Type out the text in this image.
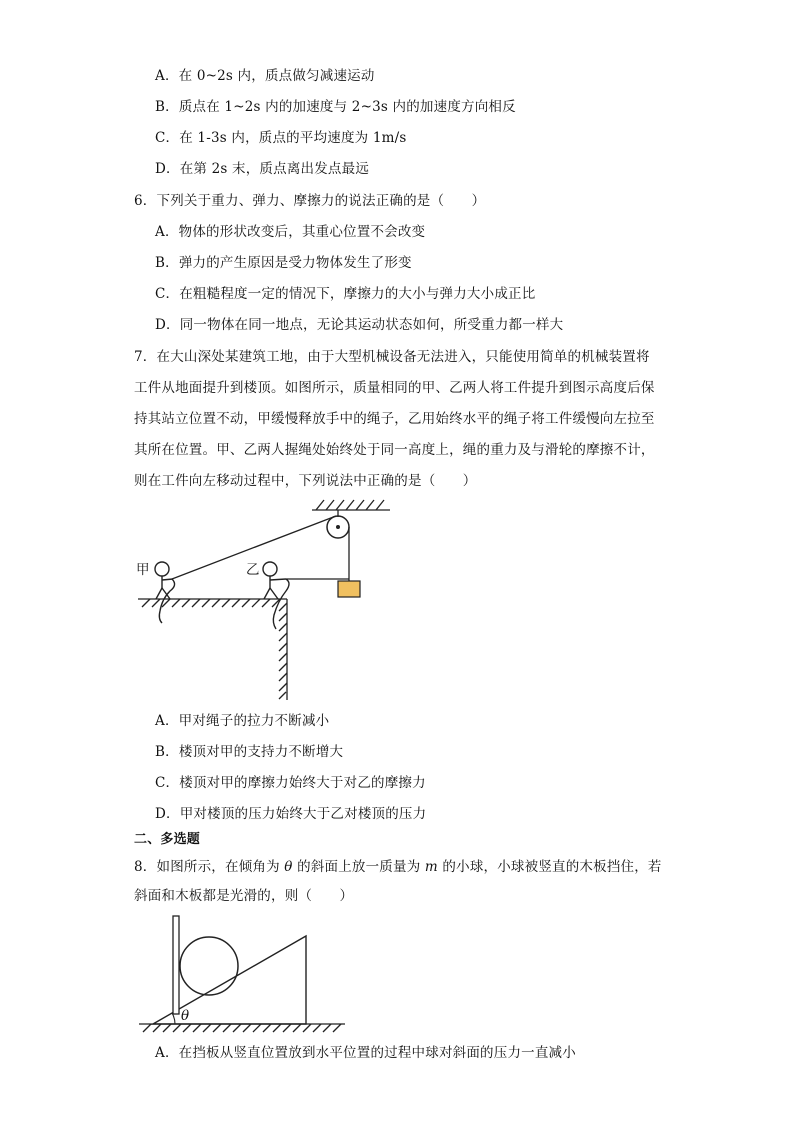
A．在 0~2s 内，质点做匀减速运动
B．质点在 1~2s 内的加速度与 2~3s 内的加速度方向相反
C．在 1-3s 内，质点的平均速度为 1m/s
D．在第 2s 末，质点离出发点最远
6．下列关于重力、弹力、摩擦力的说法正确的是（　　）
A．物体的形状改变后，其重心位置不会改变
B．弹力的产生原因是受力物体发生了形变
C．在粗糙程度一定的情况下，摩擦力的大小与弹力大小成正比
D．同一物体在同一地点，无论其运动状态如何，所受重力都一样大
7．在大山深处某建筑工地，由于大型机械设备无法进入，只能使用简单的机械装置将
工件从地面提升到楼顶。如图所示，质量相同的甲、乙两人将工件提升到图示高度后保
持其站立位置不动，甲缓慢释放手中的绳子，乙用始终水平的绳子将工件缓慢向左拉至
其所在位置。甲、乙两人握绳处始终处于同一高度上，绳的重力及与滑轮的摩擦不计，
则在工件向左移动过程中，下列说法中正确的是（　　）
甲	乙
A．甲对绳子的拉力不断减小
B．楼顶对甲的支持力不断增大
C．楼顶对甲的摩擦力始终大于对乙的摩擦力
D．甲对楼顶的压力始终大于乙对楼顶的压力
二、多选题
8．如图所示，在倾角为 θ 的斜面上放一质量为 m 的小球，小球被竖直的木板挡住，若
斜面和木板都是光滑的，则（　　）
θ
A．在挡板从竖直位置放到水平位置的过程中球对斜面的压力一直减小
